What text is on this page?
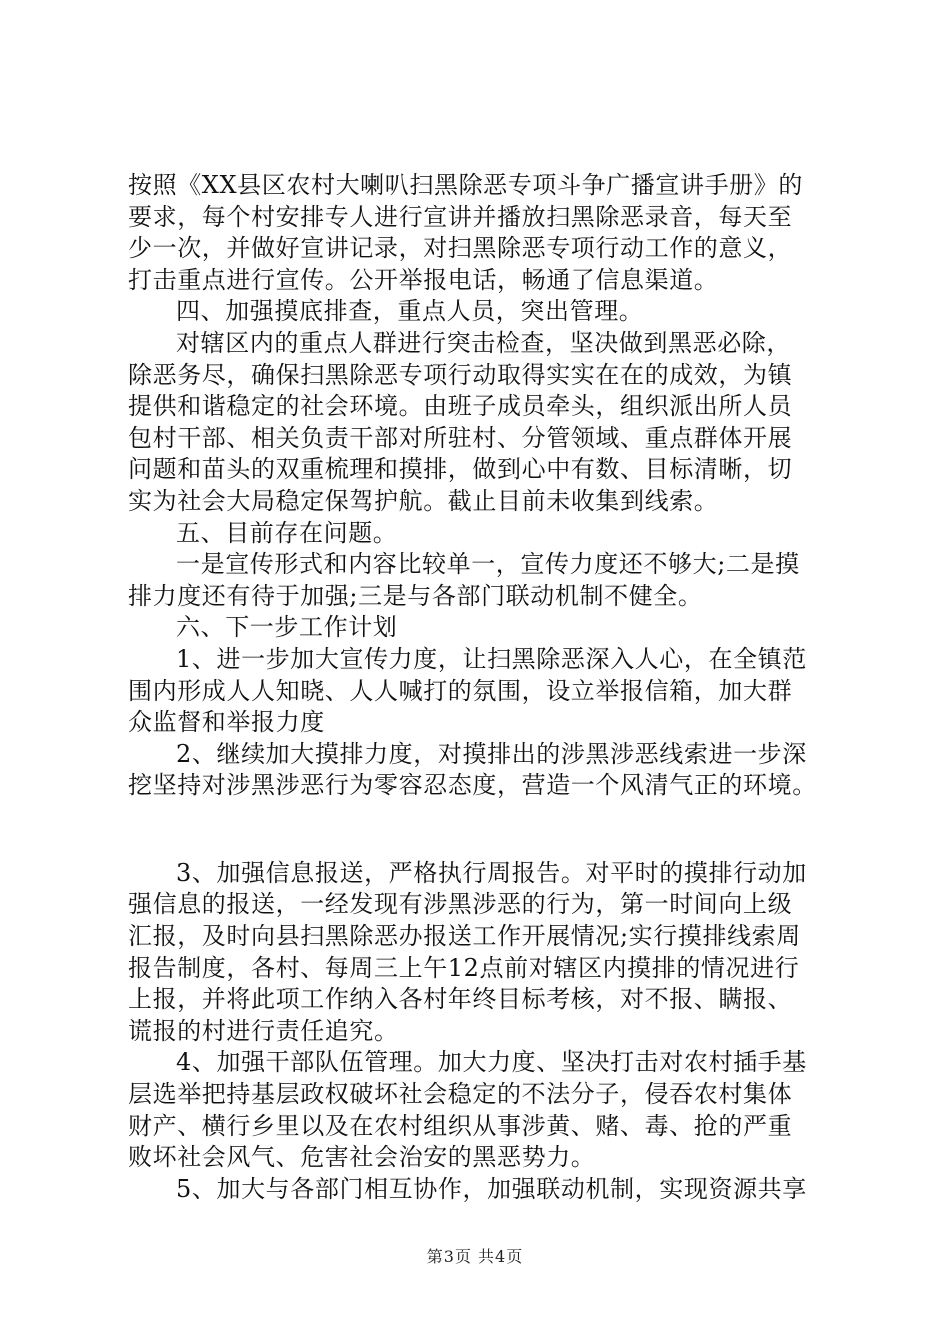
按照《XX县区农村大喇叭扫黑除恶专项斗争广播宣讲手册》的
要求，每个村安排专人进行宣讲并播放扫黑除恶录音，每天至
少一次，并做好宣讲记录，对扫黑除恶专项行动工作的意义，
打击重点进行宣传。公开举报电话，畅通了信息渠道。
四、加强摸底排查，重点人员，突出管理。
对辖区内的重点人群进行突击检查，坚决做到黑恶必除，
除恶务尽，确保扫黑除恶专项行动取得实实在在的成效，为镇
提供和谐稳定的社会环境。由班子成员牵头，组织派出所人员
包村干部、相关负责干部对所驻村、分管领域、重点群体开展
问题和苗头的双重梳理和摸排，做到心中有数、目标清晰，切
实为社会大局稳定保驾护航。截止目前未收集到线索。
五、目前存在问题。
一是宣传形式和内容比较单一，宣传力度还不够大;二是摸
排力度还有待于加强;三是与各部门联动机制不健全。
六、下一步工作计划
1、进一步加大宣传力度，让扫黑除恶深入人心，在全镇范
围内形成人人知晓、人人喊打的氛围，设立举报信箱，加大群
众监督和举报力度
2、继续加大摸排力度，对摸排出的涉黑涉恶线索进一步深
挖坚持对涉黑涉恶行为零容忍态度，营造一个风清气正的环境。
3、加强信息报送，严格执行周报告。对平时的摸排行动加
强信息的报送，一经发现有涉黑涉恶的行为，第一时间向上级
汇报，及时向县扫黑除恶办报送工作开展情况;实行摸排线索周
报告制度，各村、每周三上午12点前对辖区内摸排的情况进行
上报，并将此项工作纳入各村年终目标考核，对不报、瞒报、
谎报的村进行责任追究。
4、加强干部队伍管理。加大力度、坚决打击对农村插手基
层选举把持基层政权破坏社会稳定的不法分子，侵吞农村集体
财产、横行乡里以及在农村组织从事涉黄、赌、毒、抢的严重
败坏社会风气、危害社会治安的黑恶势力。
5、加大与各部门相互协作，加强联动机制，实现资源共享
第3页 共4页
